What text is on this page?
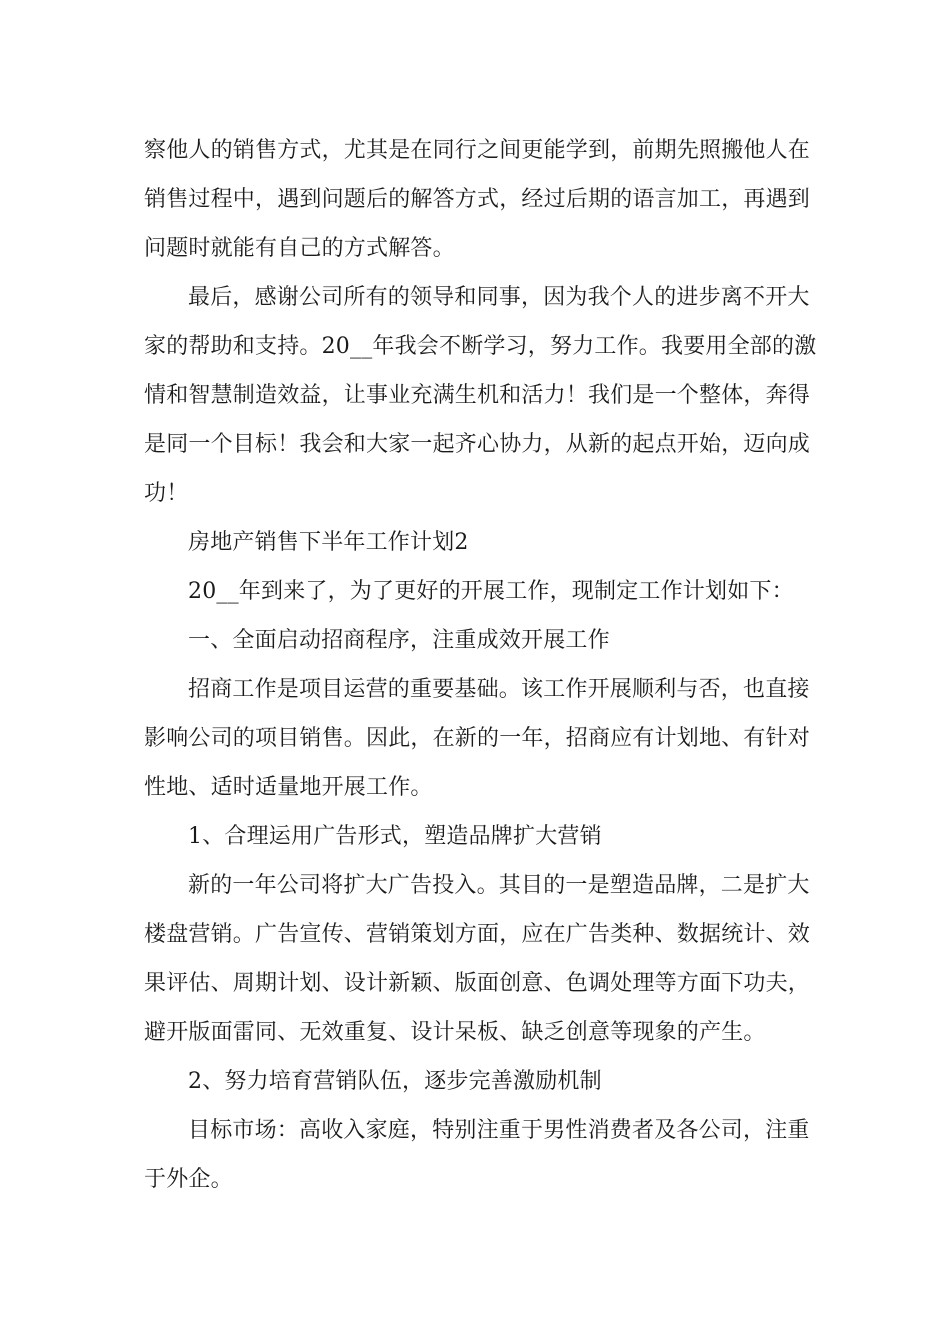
察他人的销售方式，尤其是在同行之间更能学到，前期先照搬他人在销售过程中，遇到问题后的解答方式，经过后期的语言加工，再遇到问题时就能有自己的方式解答。

最后，感谢公司所有的领导和同事，因为我个人的进步离不开大家的帮助和支持。20__年我会不断学习，努力工作。我要用全部的激情和智慧制造效益，让事业充满生机和活力！我们是一个整体，奔得是同一个目标！我会和大家一起齐心协力，从新的起点开始，迈向成功！

房地产销售下半年工作计划2

20__年到来了，为了更好的开展工作，现制定工作计划如下：

一、全面启动招商程序，注重成效开展工作

招商工作是项目运营的重要基础。该工作开展顺利与否，也直接影响公司的项目销售。因此，在新的一年，招商应有计划地、有针对性地、适时适量地开展工作。

1、合理运用广告形式，塑造品牌扩大营销

新的一年公司将扩大广告投入。其目的一是塑造品牌，二是扩大楼盘营销。广告宣传、营销策划方面，应在广告类种、数据统计、效果评估、周期计划、设计新颖、版面创意、色调处理等方面下功夫，避开版面雷同、无效重复、设计呆板、缺乏创意等现象的产生。

2、努力培育营销队伍，逐步完善激励机制

目标市场：高收入家庭，特别注重于男性消费者及各公司，注重于外企。
